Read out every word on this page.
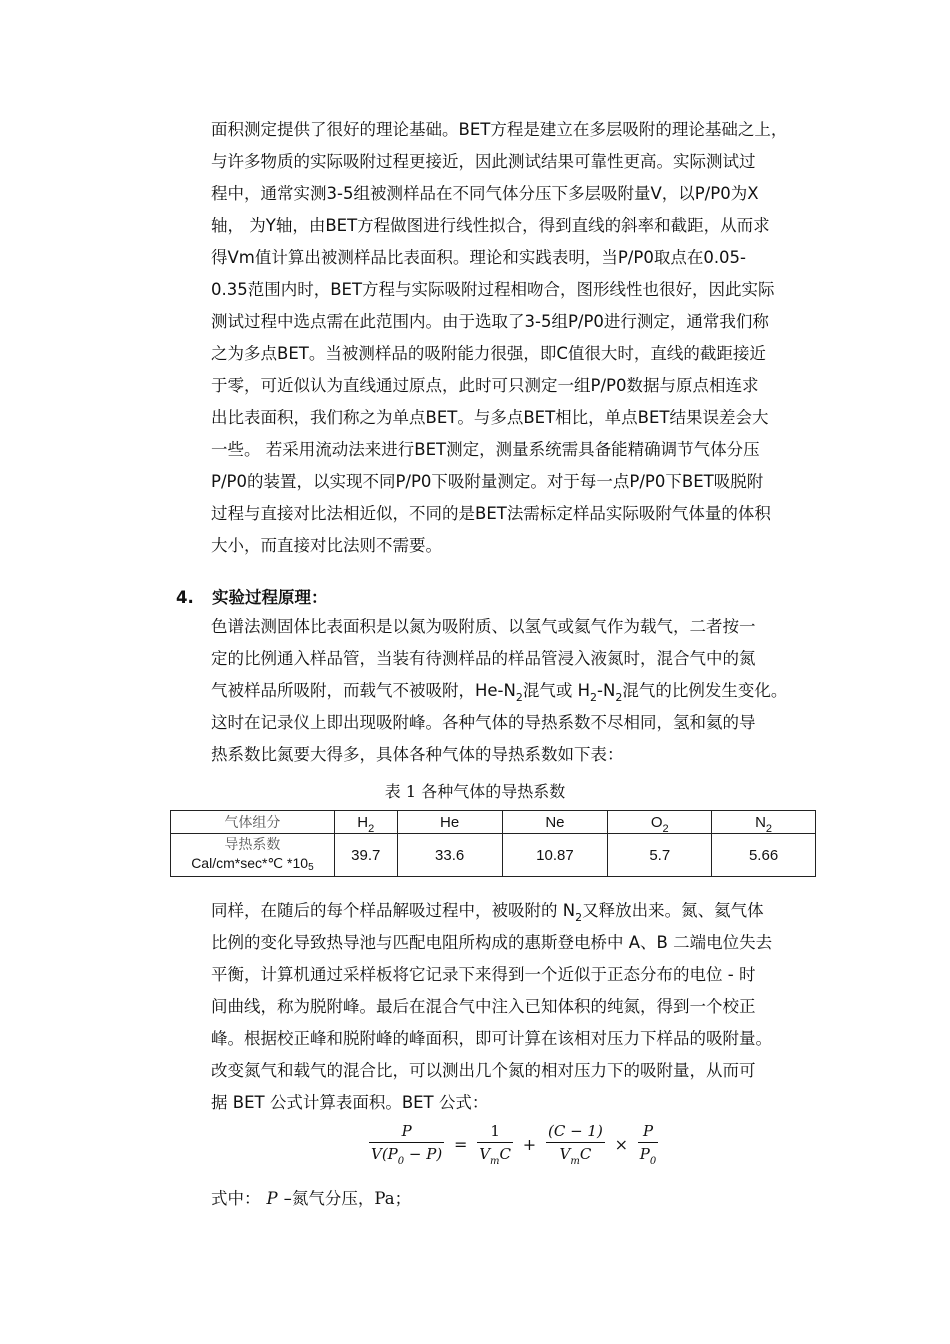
面积测定提供了很好的理论基础。BET方程是建立在多层吸附的理论基础之上，
与许多物质的实际吸附过程更接近，因此测试结果可靠性更高。实际测试过
程中，通常实测3-5组被测样品在不同气体分压下多层吸附量V，以P/P0为X
轴， 为Y轴，由BET方程做图进行线性拟合，得到直线的斜率和截距，从而求
得Vm值计算出被测样品比表面积。理论和实践表明，当P/P0取点在0.05-
0.35范围内时，BET方程与实际吸附过程相吻合，图形线性也很好，因此实际
测试过程中选点需在此范围内。由于选取了3-5组P/P0进行测定，通常我们称
之为多点BET。当被测样品的吸附能力很强，即C值很大时，直线的截距接近
于零，可近似认为直线通过原点，此时可只测定一组P/P0数据与原点相连求
出比表面积，我们称之为单点BET。与多点BET相比，单点BET结果误差会大
一些。 若采用流动法来进行BET测定，测量系统需具备能精确调节气体分压
P/P0的装置，以实现不同P/P0下吸附量测定。对于每一点P/P0下BET吸脱附
过程与直接对比法相近似，不同的是BET法需标定样品实际吸附气体量的体积
大小，而直接对比法则不需要。
4. 实验过程原理：
色谱法测固体比表面积是以氮为吸附质、以氢气或氦气作为载气，二者按一
定的比例通入样品管，当装有待测样品的样品管浸入液氮时，混合气中的氮
气被样品所吸附，而载气不被吸附，$He-N_2$混气或 $H_2-N_2$混气的比例发生变化。
这时在记录仪上即出现吸附峰。各种气体的导热系数不尽相同，氢和氦的导
热系数比氮要大得多，具体各种气体的导热系数如下表：
表 1 各种气体的导热系数
气体组分	$H_2$	He	Ne	$O_2$	$N_2$

导热系数
Cal/cm*sec*℃ *105	39.7	33.6	10.87	5.7	5.66
同样，在随后的每个样品解吸过程中，被吸附的 $N_2$又释放出来。氮、氦气体
比例的变化导致热导池与匹配电阻所构成的惠斯登电桥中 A、B 二端电位失去
平衡，计算机通过采样板将它记录下来得到一个近似于正态分布的电位 - 时
间曲线，称为脱附峰。最后在混合气中注入已知体积的纯氮，得到一个校正
峰。根据校正峰和脱附峰的峰面积，即可计算在该相对压力下样品的吸附量。
改变氮气和载气的混合比，可以测出几个氮的相对压力下的吸附量，从而可
据 BET 公式计算表面积。BET 公式：
$\frac{P}{V(P_0 - P)} = \frac{1}{V_mC} + \frac{(C - 1)}{V_mC} \times \frac{P}{P_0}$
式中： P –氮气分压，Pa；
